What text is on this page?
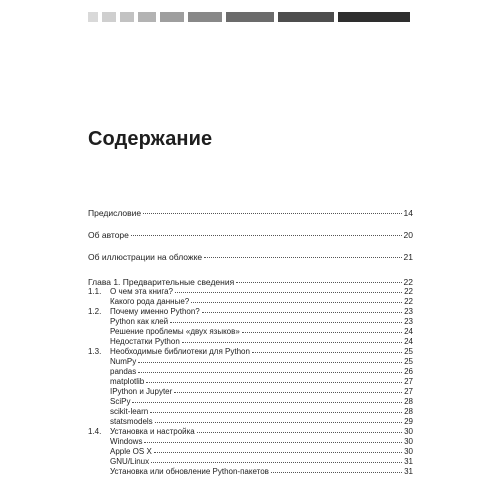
Содержание
Предисловие	14
Об авторе	20
Об иллюстрации на обложке	21
Глава 1. Предварительные сведения	22
1.1.	О чем эта книга?	22
Какого рода данные?	22
1.2.	Почему именно Python?	23
Python как клей	23
Решение проблемы «двух языков»	24
Недостатки Python	24
1.3.	Необходимые библиотеки для Python	25
NumPy	25
pandas	26
matplotlib	27
IPython и Jupyter	27
SciPy	28
scikit-learn	28
statsmodels	29
1.4.	Установка и настройка	30
Windows	30
Apple OS X	30
GNU/Linux	31
Установка или обновление Python-пакетов	31
